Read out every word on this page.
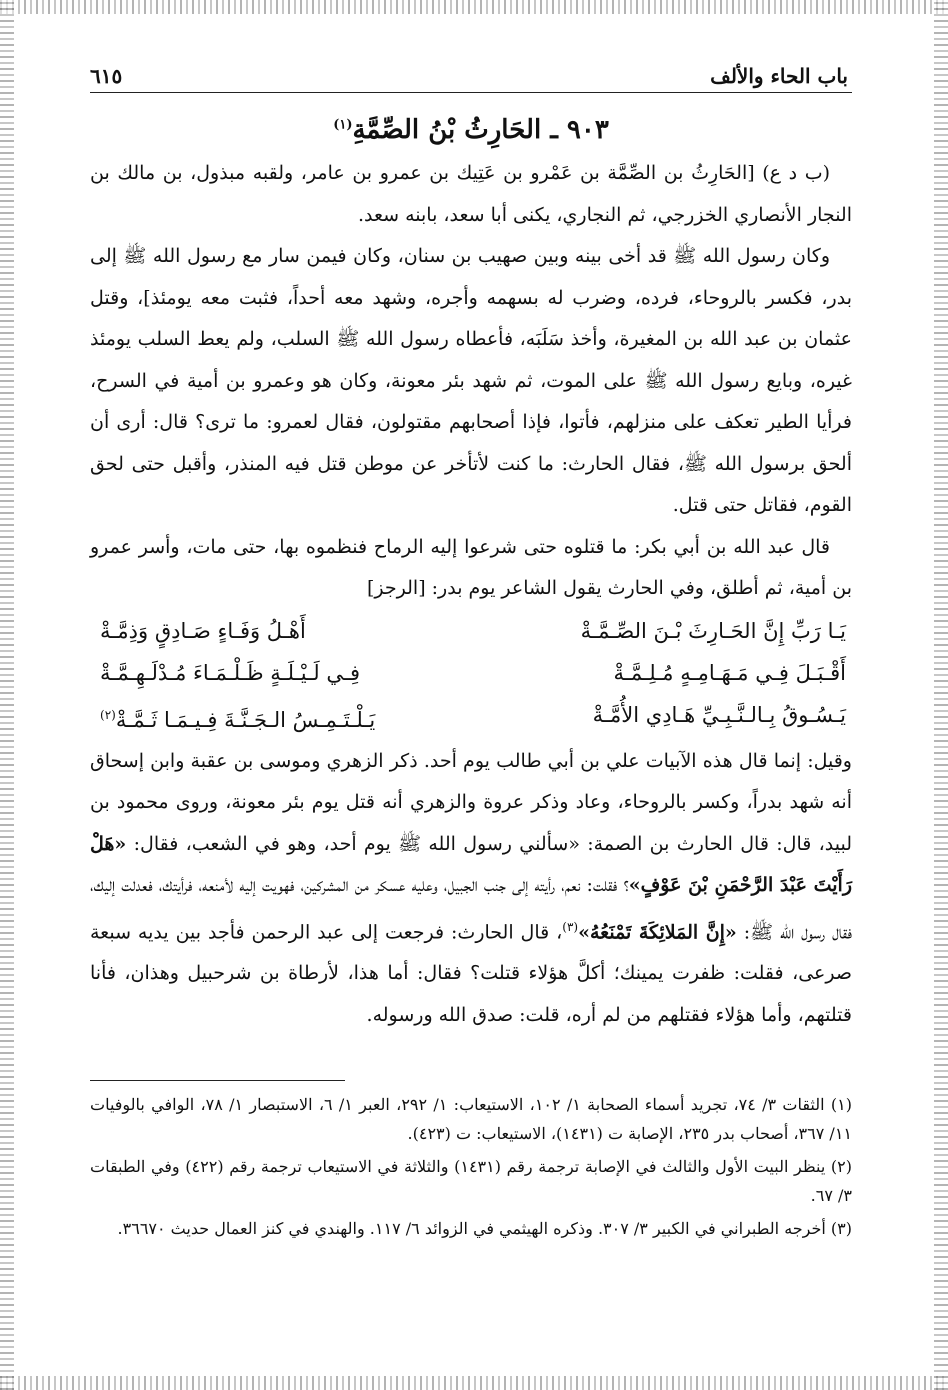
باب الحاء والألف
٦١٥
٩٠٣ ـ الحَارِثُ بْنُ الصِّمَّةِ$^{(١)}$

(ب د ع) [الحَارِثُ بن الصِّمَّة بن عَمْرو بن عَتِيك بن عمرو بن عامر، ولقبه مبذول، بن مالك بن النجار الأنصاري الخزرجي، ثم النجاري، يكنى أبا سعد، بابنه سعد.

وكان رسول الله ﷺ قد أخى بينه وبين صهيب بن سنان، وكان فيمن سار مع رسول الله ﷺ إلى بدر، فكسر بالروحاء، فرده، وضرب له بسهمه وأجره، وشهد معه أحداً، فثبت معه يومئذ]، وقتل عثمان بن عبد الله بن المغيرة، وأخذ سَلَبَه، فأعطاه رسول الله ﷺ السلب، ولم يعط السلب يومئذ غيره، وبايع رسول الله ﷺ على الموت، ثم شهد بئر معونة، وكان هو وعمرو بن أمية في السرح، فرأيا الطير تعكف على منزلهم، فأتوا، فإذا أصحابهم مقتولون، فقال لعمرو: ما ترى؟ قال: أرى أن ألحق برسول الله ﷺ، فقال الحارث: ما كنت لأتأخر عن موطن قتل فيه المنذر، وأقبل حتى لحق القوم، فقاتل حتى قتل.

قال عبد الله بن أبي بكر: ما قتلوه حتى شرعوا إليه الرماح فنظموه بها، حتى مات، وأسر عمرو بن أمية، ثم أطلق، وفي الحارث يقول الشاعر يوم بدر: [الرجز]

يَـا رَبِّ إِنَّ الحَـارِثَ بْـنَ الصِّـمَّـةْ
أَهْـلُ وَفَـاءٍ صَـادِقٍ وَذِمَّـةْ
أَقْـبَـلَ فِـي مَـهَـامِـهٍ مُـلِـمَّـةْ
فِـي لَـيْـلَـةٍ ظَـلْـمَـاءَ مُـدْلَـهِـمَّـةْ
يَـسُـوقُ بِـالـنَّـبِـيِّ هَـادِي الأُمَّـةْ
يَـلْـتَـمِـسُ الـجَـنَّـةَ فِـيـمَـا ثَـمَّـةْ$^{(٢)}$

وقيل: إنما قال هذه الآبيات علي بن أبي طالب يوم أحد. ذكر الزهري وموسى بن عقبة وابن إسحاق أنه شهد بدراً، وكسر بالروحاء، وعاد وذكر عروة والزهري أنه قتل يوم بئر معونة، وروى محمود بن لبيد، قال: قال الحارث بن الصمة: «سألني رسول الله ﷺ يوم أحد، وهو في الشعب، فقال: «هَلْ رَأَيْتَ عَبْدَ الرَّحْمَنِ بْنَ عَوْفٍ»؟ فقلت: نعم، رأيته إلى جنب الجبيل، وعليه عسكر من المشركين، فهويت إليه لأمنعه، فرأيتك، فعدلت إليك، فقال رسول الله ﷺ: «إِنَّ المَلائِكَةَ تَمْنَعُهُ»$^{(٣)}$، قال الحارث: فرجعت إلى عبد الرحمن فأجد بين يديه سبعة صرعى، فقلت: ظفرت يمينك؛ أكلَّ هؤلاء قتلت؟ فقال: أما هذا، لأرطاة بن شرحبيل وهذان، فأنا قتلتهم، وأما هؤلاء فقتلهم من لم أره، قلت: صدق الله ورسوله.

(١) الثقات ٣/ ٧٤، تجريد أسماء الصحابة ١/ ١٠٢، الاستيعاب: ١/ ٢٩٢، العبر ١/ ٦، الاستبصار ١/ ٧٨، الوافي بالوفيات ١١/ ٣٦٧، أصحاب بدر ٢٣٥، الإصابة ت (١٤٣١)، الاستيعاب: ت (٤٢٣).

(٢) ينظر البيت الأول والثالث في الإصابة ترجمة رقم (١٤٣١) والثلاثة في الاستيعاب ترجمة رقم (٤٢٢) وفي الطبقات ٣/ ٦٧.

(٣) أخرجه الطبراني في الكبير ٣/ ٣٠٧. وذكره الهيثمي في الزوائد ٦/ ١١٧. والهندي في كنز العمال حديث ٣٦٦٧٠.
